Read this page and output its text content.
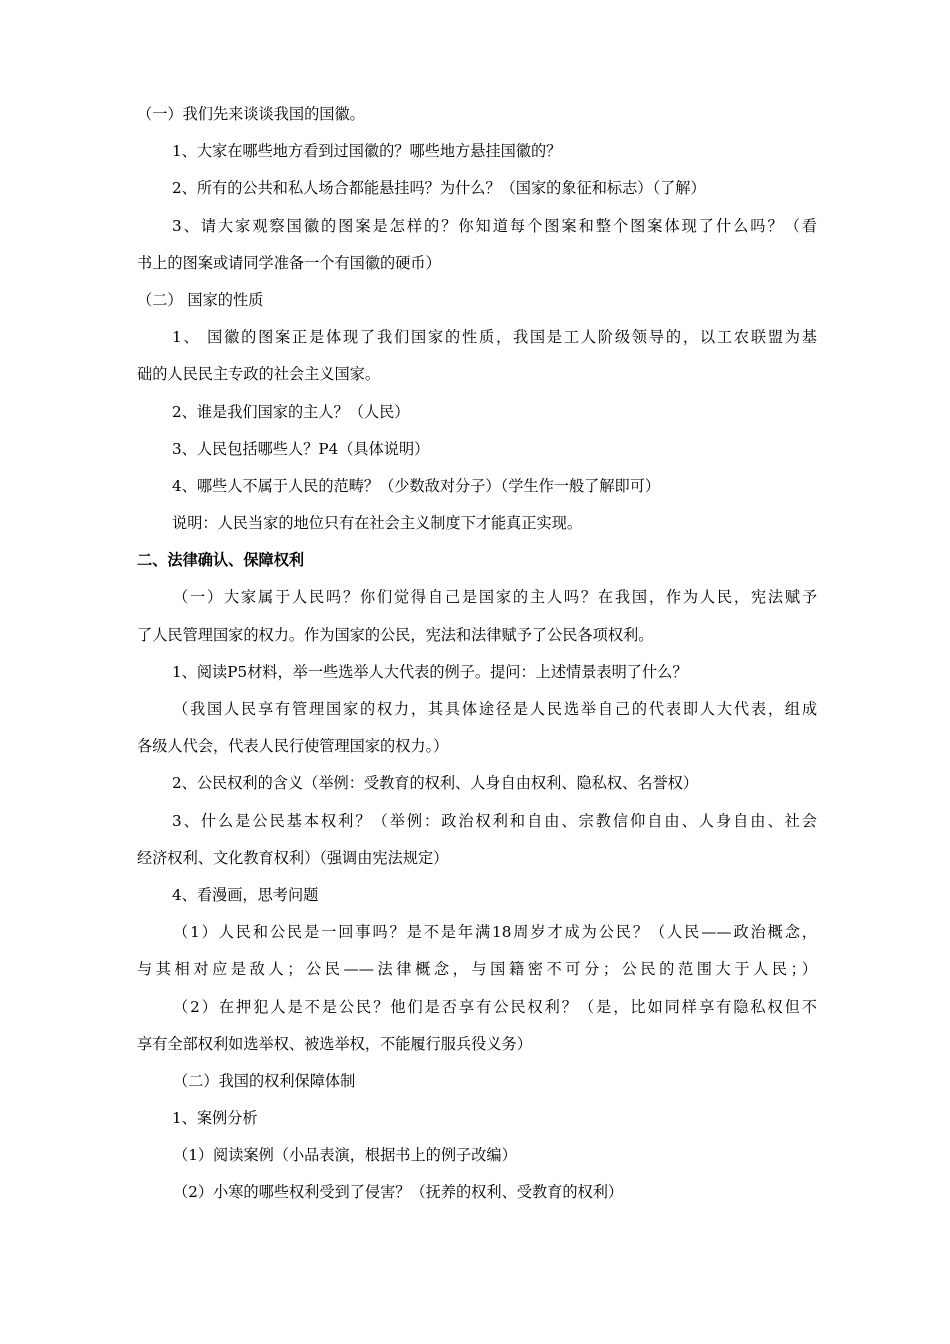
（一）我们先来谈谈我国的国徽。
1、大家在哪些地方看到过国徽的？哪些地方悬挂国徽的？
2、所有的公共和私人场合都能悬挂吗？为什么？（国家的象征和标志）（了解）
3、请大家观察国徽的图案是怎样的？你知道每个图案和整个图案体现了什么吗？（看
书上的图案或请同学准备一个有国徽的硬币）
（二） 国家的性质
1、 国徽的图案正是体现了我们国家的性质，我国是工人阶级领导的，以工农联盟为基
础的人民民主专政的社会主义国家。
2、谁是我们国家的主人？（人民）
3、人民包括哪些人？P4（具体说明）
4、哪些人不属于人民的范畴？（少数敌对分子）（学生作一般了解即可）
说明：人民当家的地位只有在社会主义制度下才能真正实现。
二、法律确认、保障权利
（一）大家属于人民吗？你们觉得自己是国家的主人吗？在我国，作为人民，宪法赋予
了人民管理国家的权力。作为国家的公民，宪法和法律赋予了公民各项权利。
1、阅读P5材料，举一些选举人大代表的例子。提问：上述情景表明了什么？
（我国人民享有管理国家的权力，其具体途径是人民选举自己的代表即人大代表，组成
各级人代会，代表人民行使管理国家的权力。）
2、公民权利的含义（举例：受教育的权利、人身自由权利、隐私权、名誉权）
3、什么是公民基本权利？（举例：政治权利和自由、宗教信仰自由、人身自由、社会
经济权利、文化教育权利）（强调由宪法规定）
4、看漫画，思考问题
（1）人民和公民是一回事吗？是不是年满18周岁才成为公民？（人民——政治概念，
与其相对应是敌人；公民——法律概念，与国籍密不可分；公民的范围大于人民；）
（2）在押犯人是不是公民？他们是否享有公民权利？（是，比如同样享有隐私权但不
享有全部权利如选举权、被选举权，不能履行服兵役义务）
（二）我国的权利保障体制
1、案例分析
（1）阅读案例（小品表演，根据书上的例子改编）
（2）小寒的哪些权利受到了侵害？（抚养的权利、受教育的权利）
